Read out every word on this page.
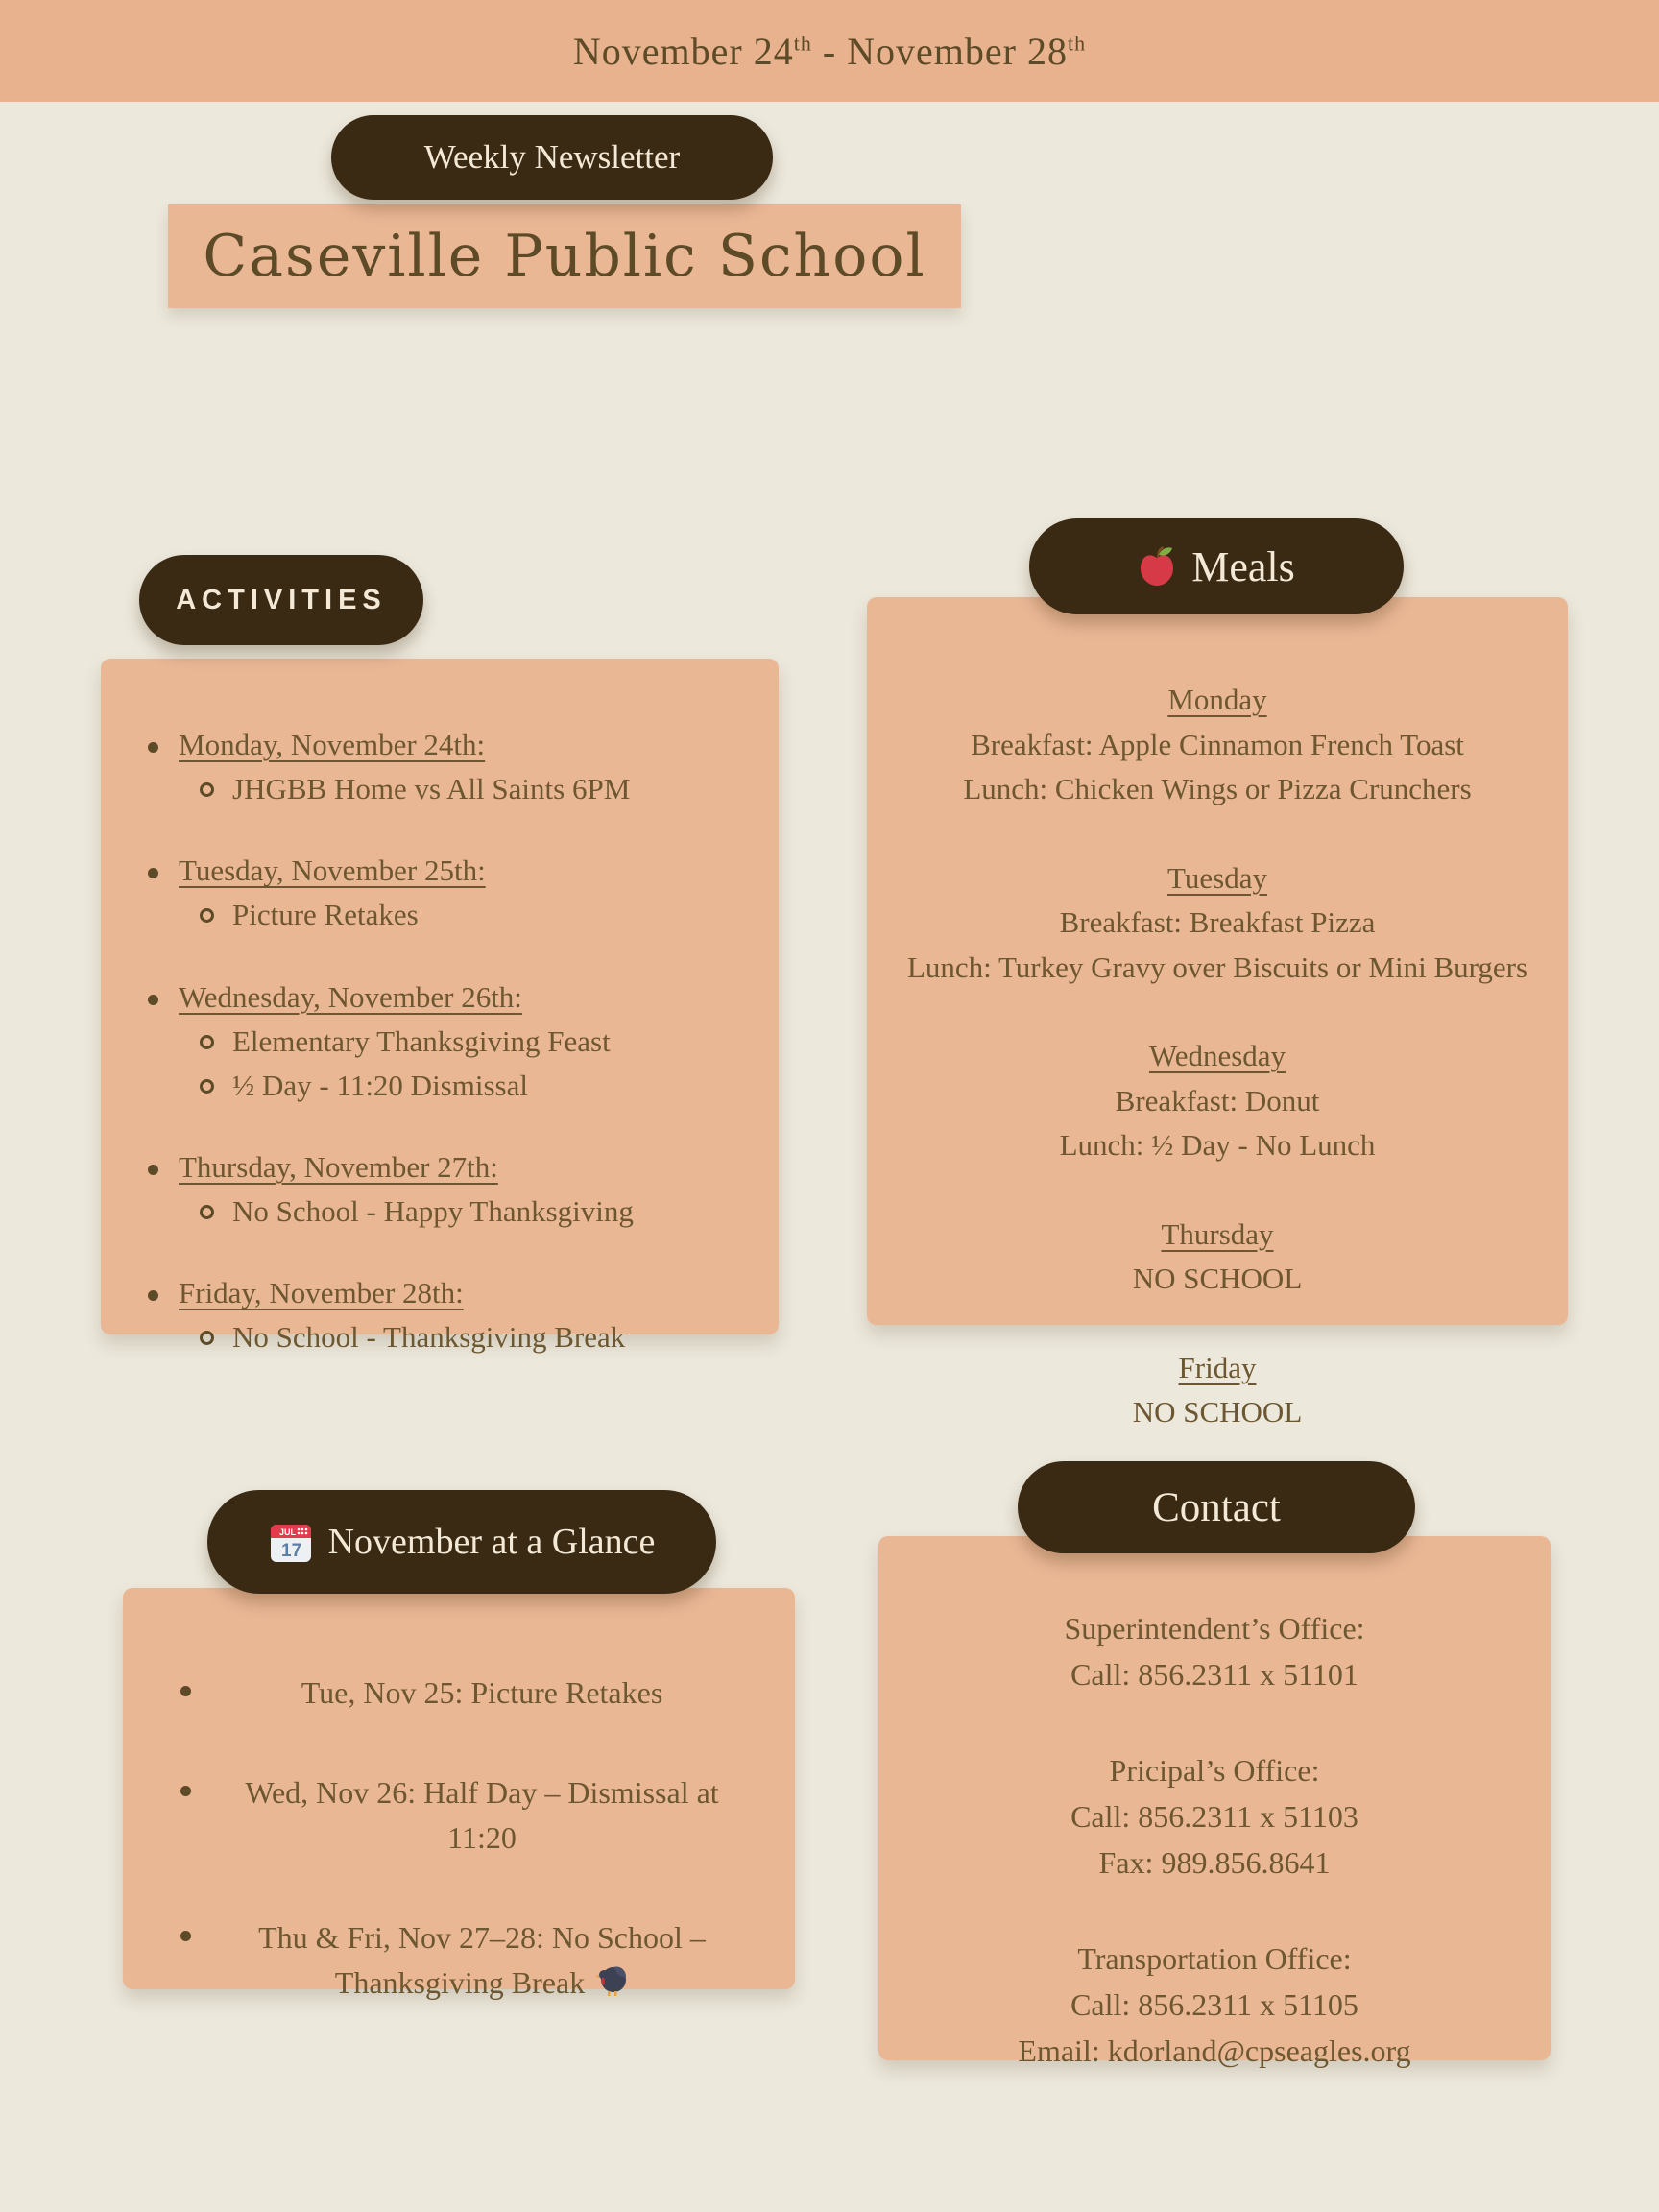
November 24th - November 28th
Weekly Newsletter
Caseville Public School
ACTIVITIES
Monday, November 24th:
JHGBB Home vs All Saints 6PM
Tuesday, November 25th:
Picture Retakes
Wednesday, November 26th:
Elementary Thanksgiving Feast
½ Day - 11:20 Dismissal
Thursday, November 27th:
No School - Happy Thanksgiving
Friday, November 28th:
No School - Thanksgiving Break
Meals
Monday
Breakfast: Apple Cinnamon French Toast
Lunch: Chicken Wings or Pizza Crunchers
Tuesday
Breakfast: Breakfast Pizza
Lunch: Turkey Gravy over Biscuits or Mini Burgers
Wednesday
Breakfast: Donut
Lunch: ½ Day - No Lunch
Thursday
NO SCHOOL
Friday
NO SCHOOL
JUL
17 November at a Glance
Tue, Nov 25: Picture Retakes
Wed, Nov 26: Half Day – Dismissal at 11:20
Thu & Fri, Nov 27–28: No School – Thanksgiving Break
Contact
Superintendent’s Office:
Call: 856.2311 x 51101
Pricipal’s Office:
Call: 856.2311 x 51103
Fax: 989.856.8641
Transportation Office:
Call: 856.2311 x 51105
Email: kdorland@cpseagles.org
